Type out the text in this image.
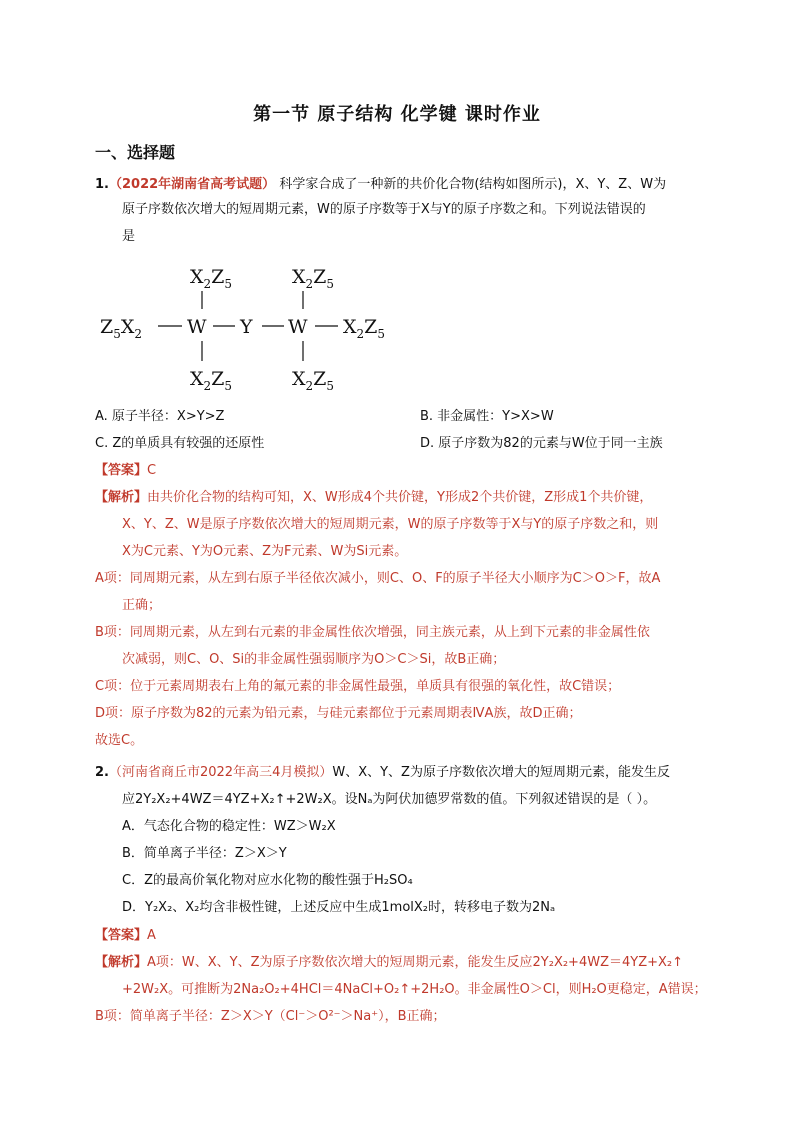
第一节 原子结构 化学键 课时作业
一、选择题
1.（2022年湖南省高考试题） 科学家合成了一种新的共价化合物(结构如图所示)，X、Y、Z、W为
原子序数依次增大的短周期元素，W的原子序数等于X与Y的原子序数之和。下列说法错误的
是
$X_2Z_5$	$X_2Z_5$
$Z_5X_2$ W Y W $X_2Z_5$
$X_2Z_5$	$X_2Z_5$
A. 原子半径：X>Y>Z	B. 非金属性：Y>X>W
C. Z的单质具有较强的还原性	D. 原子序数为82的元素与W位于同一主族
【答案】C
【解析】由共价化合物的结构可知，X、W形成4个共价键，Y形成2个共价键，Z形成1个共价键，
X、Y、Z、W是原子序数依次增大的短周期元素，W的原子序数等于X与Y的原子序数之和，则
X为C元素、Y为O元素、Z为F元素、W为Si元素。
A项：同周期元素，从左到右原子半径依次减小，则C、O、F的原子半径大小顺序为C＞O＞F，故A
正确；
B项：同周期元素，从左到右元素的非金属性依次增强，同主族元素，从上到下元素的非金属性依
次减弱，则C、O、Si的非金属性强弱顺序为O＞C＞Si，故B正确；
C项：位于元素周期表右上角的氟元素的非金属性最强，单质具有很强的氧化性，故C错误；
D项：原子序数为82的元素为铅元素，与硅元素都位于元素周期表ⅣA族，故D正确；
故选C。
2.（河南省商丘市2022年高三4月模拟）W、X、Y、Z为原子序数依次增大的短周期元素，能发生反
应2Y₂X₂+4WZ＝4YZ+X₂↑+2W₂X。设Nₐ为阿伏加德罗常数的值。下列叙述错误的是（ ）。
A．气态化合物的稳定性：WZ＞W₂X
B．简单离子半径：Z＞X＞Y
C．Z的最高价氧化物对应水化物的酸性强于H₂SO₄
D．Y₂X₂、X₂均含非极性键，上述反应中生成1molX₂时，转移电子数为2Nₐ
【答案】A
【解析】A项：W、X、Y、Z为原子序数依次增大的短周期元素，能发生反应2Y₂X₂+4WZ＝4YZ+X₂↑
+2W₂X。可推断为2Na₂O₂+4HCl＝4NaCl+O₂↑+2H₂O。非金属性O＞Cl，则H₂O更稳定，A错误；
B项：简单离子半径：Z＞X＞Y（Cl⁻＞O²⁻＞Na⁺），B正确；
